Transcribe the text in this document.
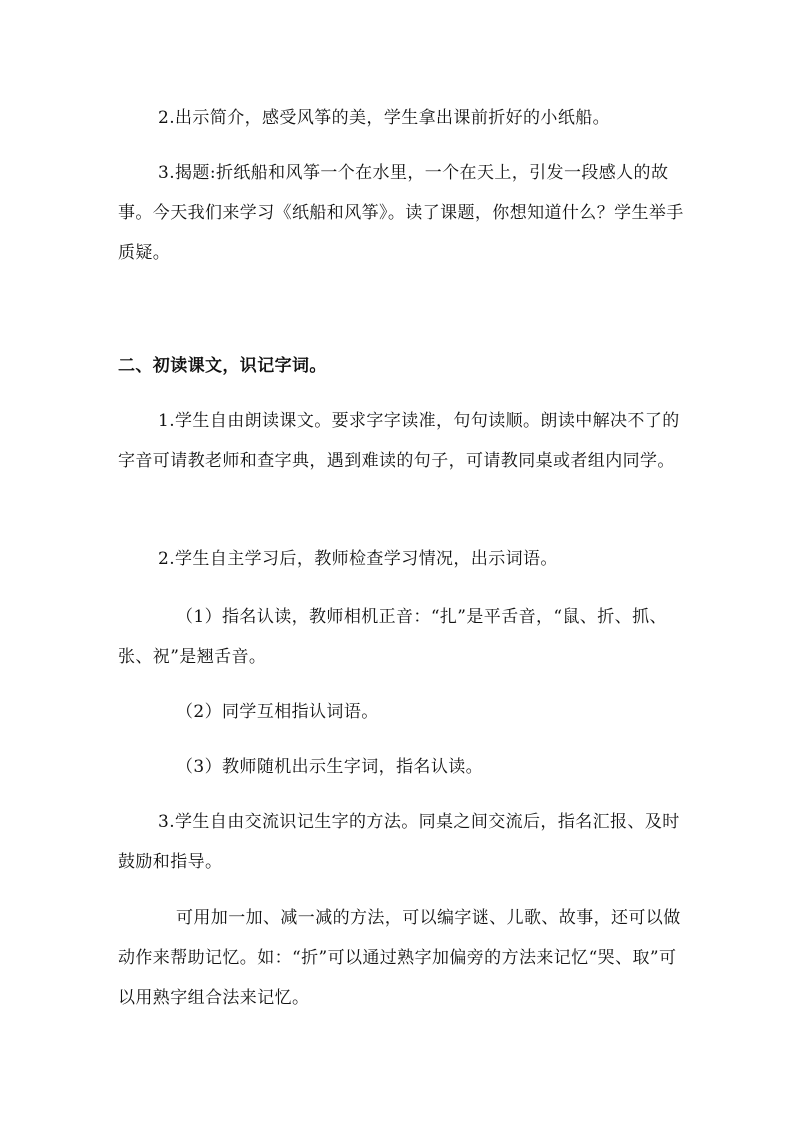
2.出示简介，感受风筝的美，学生拿出课前折好的小纸船。

3.揭题:折纸船和风筝一个在水里，一个在天上，引发一段感人的故事。今天我们来学习《纸船和风筝》。读了课题，你想知道什么？学生举手质疑。

二、初读课文，识记字词。

1.学生自由朗读课文。要求字字读准，句句读顺。朗读中解决不了的字音可请教老师和查字典，遇到难读的句子，可请教同桌或者组内同学。

2.学生自主学习后，教师检查学习情况，出示词语。

（1）指名认读，教师相机正音：“扎”是平舌音，“鼠、折、抓、张、祝”是翘舌音。

（2）同学互相指认词语。

（3）教师随机出示生字词，指名认读。

3.学生自由交流识记生字的方法。同桌之间交流后，指名汇报、及时鼓励和指导。

可用加一加、减一减的方法，可以编字谜、儿歌、故事，还可以做动作来帮助记忆。如：“折”可以通过熟字加偏旁的方法来记忆“哭、取”可以用熟字组合法来记忆。
